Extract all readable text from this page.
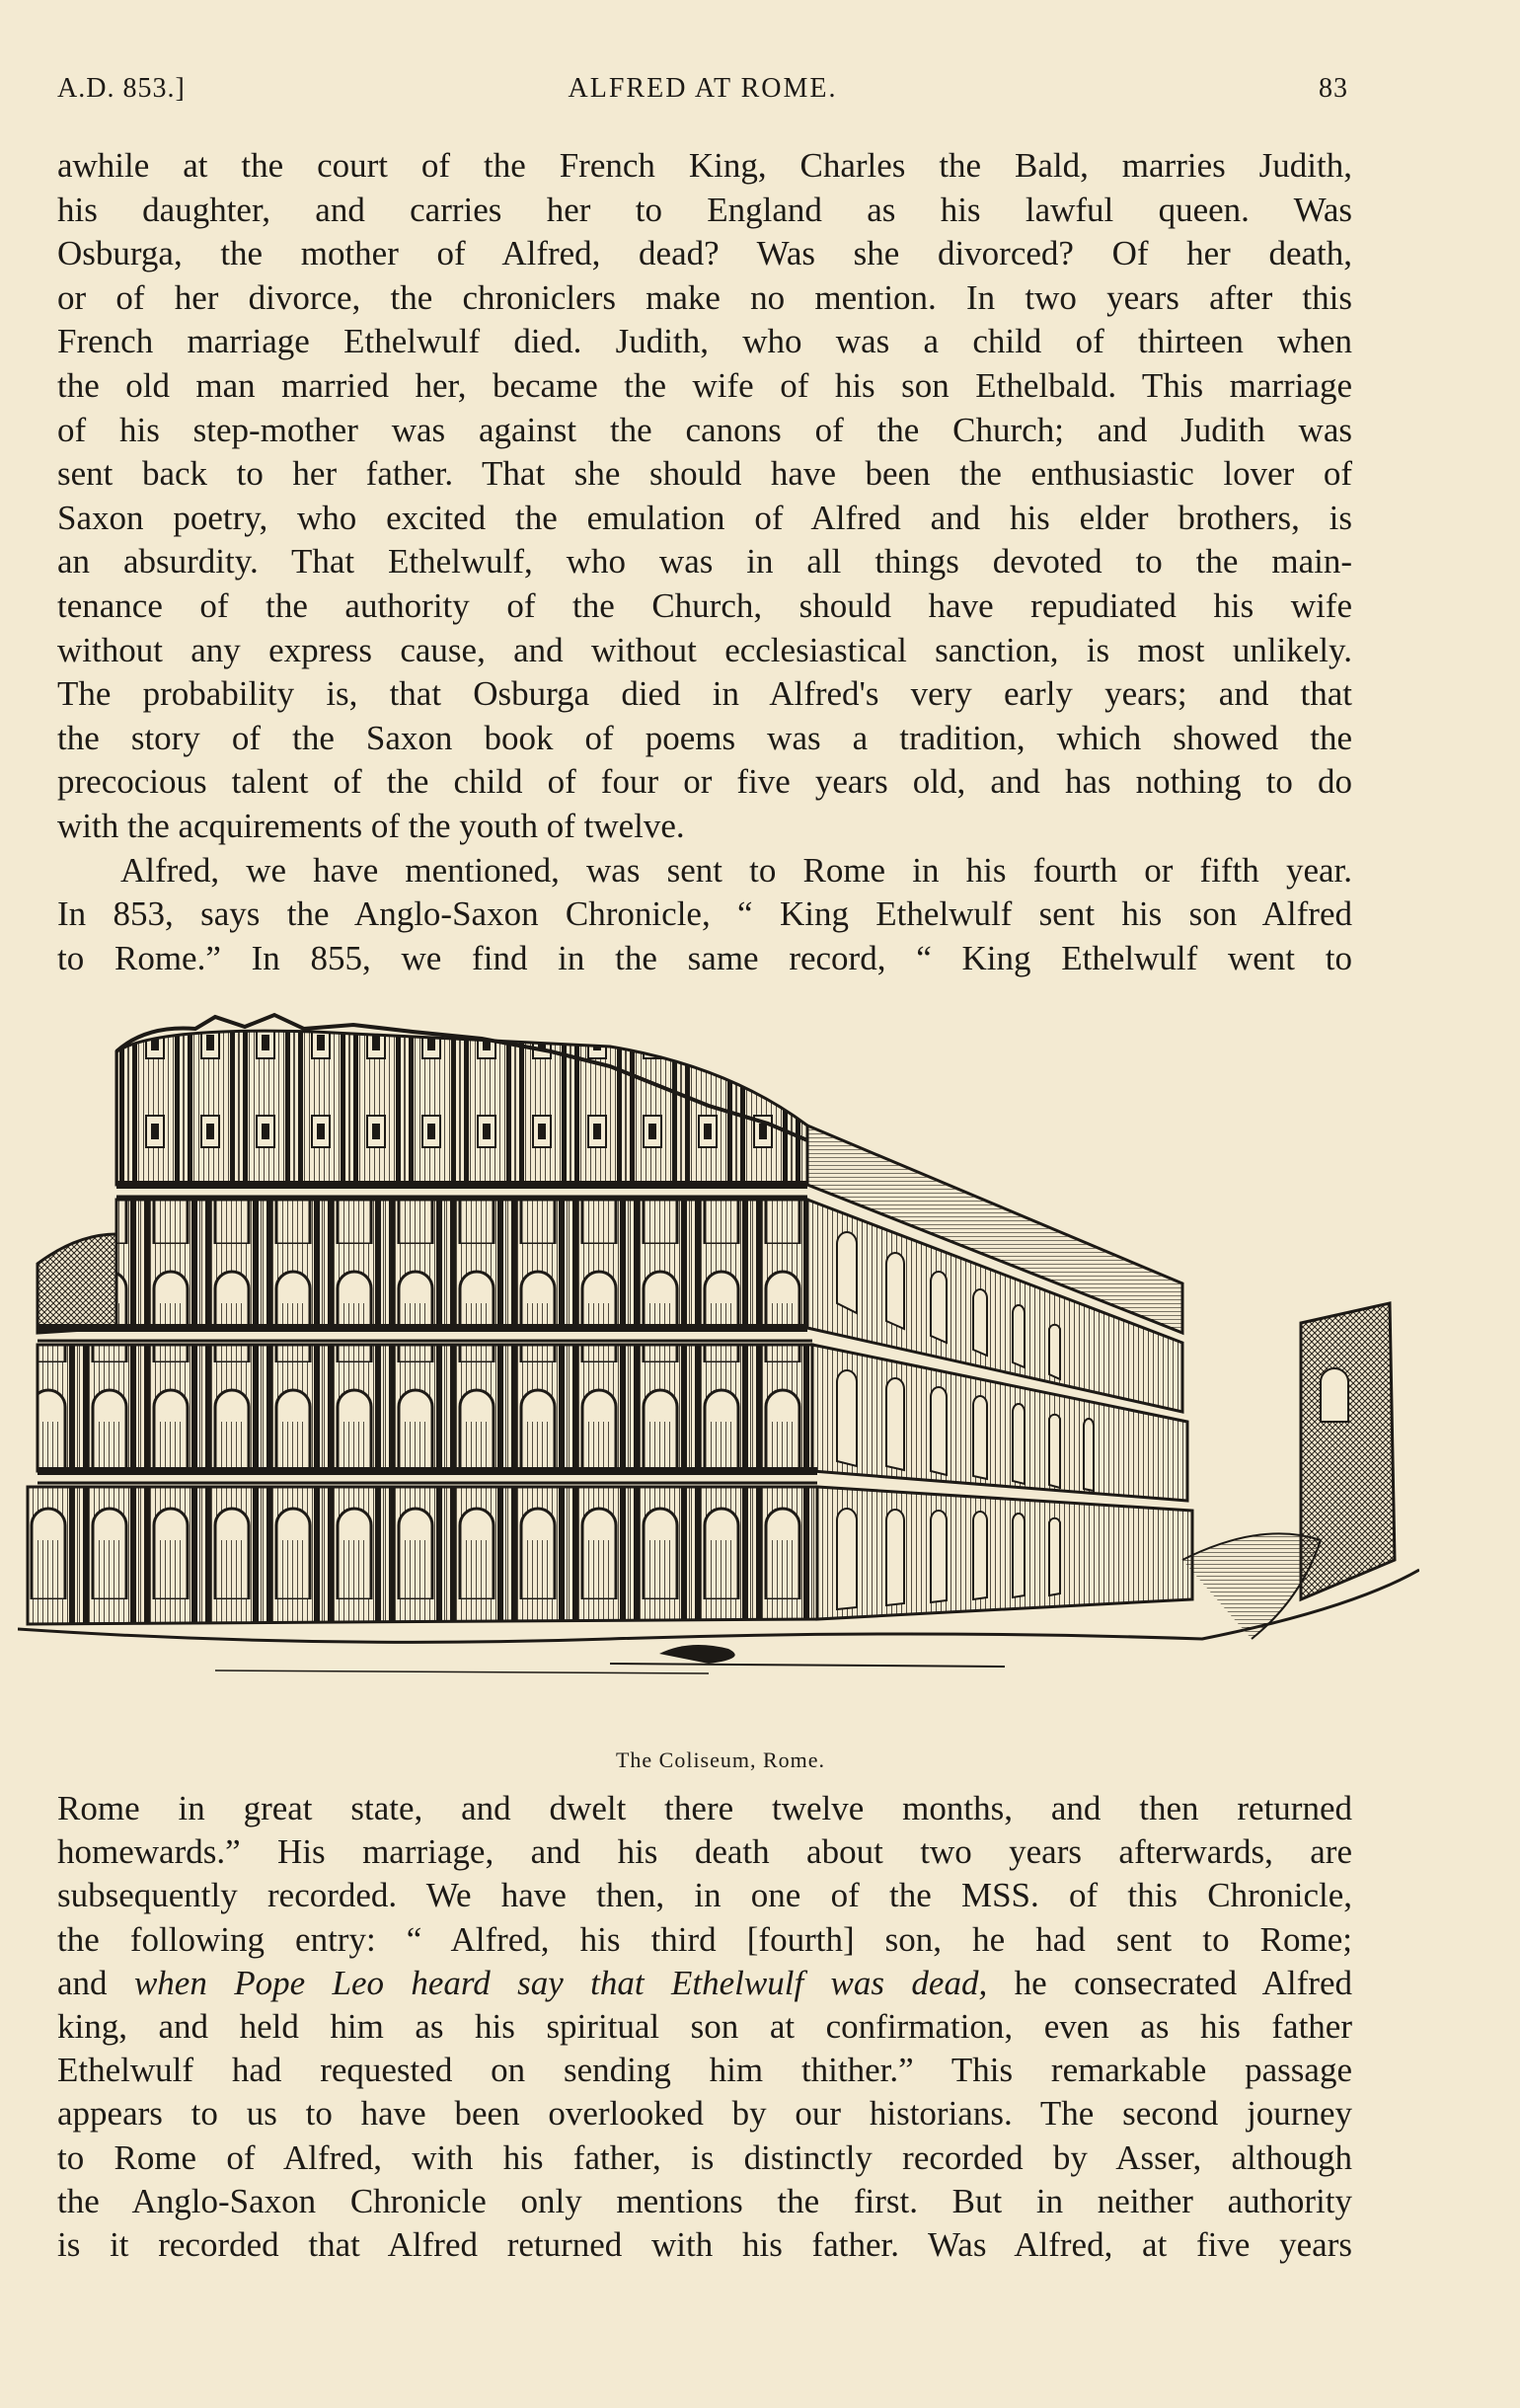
A.D. 853.]	ALFRED AT ROME.	83
awhile at the court of the French King, Charles the Bald, marries Judith,
his daughter, and carries her to England as his lawful queen. Was
Osburga, the mother of Alfred, dead? Was she divorced? Of her death,
or of her divorce, the chroniclers make no mention. In two years after this
French marriage Ethelwulf died. Judith, who was a child of thirteen when
the old man married her, became the wife of his son Ethelbald. This marriage
of his step-mother was against the canons of the Church; and Judith was
sent back to her father. That she should have been the enthusiastic lover of
Saxon poetry, who excited the emulation of Alfred and his elder brothers, is
an absurdity. That Ethelwulf, who was in all things devoted to the main-
tenance of the authority of the Church, should have repudiated his wife
without any express cause, and without ecclesiastical sanction, is most unlikely.
The probability is, that Osburga died in Alfred's very early years; and that
the story of the Saxon book of poems was a tradition, which showed the
precocious talent of the child of four or five years old, and has nothing to do
with the acquirements of the youth of twelve.
Alfred, we have mentioned, was sent to Rome in his fourth or fifth year.
In 853, says the Anglo-Saxon Chronicle, “ King Ethelwulf sent his son Alfred
to Rome.” In 855, we find in the same record, “ King Ethelwulf went to
The Coliseum, Rome.
Rome in great state, and dwelt there twelve months, and then returned
homewards.” His marriage, and his death about two years afterwards, are
subsequently recorded. We have then, in one of the MSS. of this Chronicle,
the following entry: “ Alfred, his third [fourth] son, he had sent to Rome;
and when Pope Leo heard say that Ethelwulf was dead, he consecrated Alfred
king, and held him as his spiritual son at confirmation, even as his father
Ethelwulf had requested on sending him thither.” This remarkable passage
appears to us to have been overlooked by our historians. The second journey
to Rome of Alfred, with his father, is distinctly recorded by Asser, although
the Anglo-Saxon Chronicle only mentions the first. But in neither authority
is it recorded that Alfred returned with his father. Was Alfred, at five years
